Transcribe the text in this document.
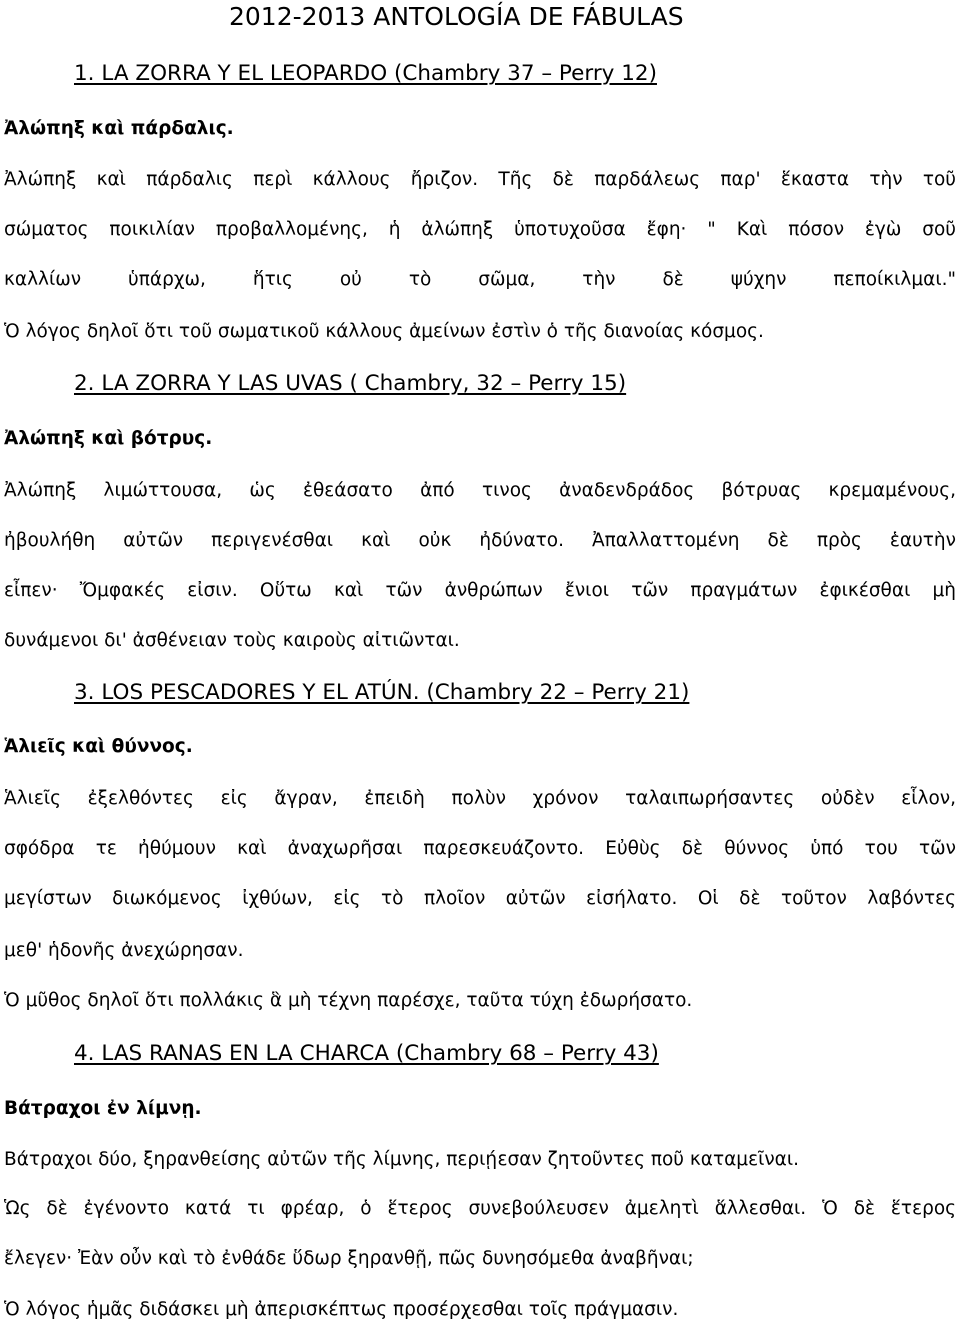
2012-2013 ANTOLOGÍA DE FÁBULAS
1. LA ZORRA Y EL LEOPARDO (Chambry 37 – Perry 12)
Ἀλώπηξ καὶ πάρδαλις.
Ἀλώπηξ καὶ πάρδαλις περὶ κάλλους ἤριζον. Τῆς δὲ παρδάλεως παρ' ἕκαστα τὴν τοῦ
σώματος ποικιλίαν προβαλλομένης, ἡ ἀλώπηξ ὑποτυχοῦσα ἔφη· " Καὶ πόσον ἐγὼ σοῦ
καλλίων ὑπάρχω, ἥτις οὐ τὸ σῶμα, τὴν δὲ ψύχην πεποίκιλμαι."
Ὁ λόγος δηλοῖ ὅτι τοῦ σωματικοῦ κάλλους ἀμείνων ἐστὶν ὁ τῆς διανοίας κόσμος.
2. LA ZORRA Y LAS UVAS ( Chambry, 32 – Perry 15)
Ἀλώπηξ καὶ βότρυς.
Ἀλώπηξ λιμώττουσα, ὡς ἐθεάσατο ἀπό τινος ἀναδενδράδος βότρυας κρεμαμένους,
ἠβουλήθη αὐτῶν περιγενέσθαι καὶ οὐκ ἠδύνατο. Ἀπαλλαττομένη δὲ πρὸς ἑαυτὴν
εἶπεν· Ὄμφακές εἰσιν. Οὕτω καὶ τῶν ἀνθρώπων ἔνιοι τῶν πραγμάτων ἐφικέσθαι μὴ
δυνάμενοι δι' ἀσθένειαν τοὺς καιροὺς αἰτιῶνται.
3. LOS PESCADORES Y EL ATÚN. (Chambry 22 – Perry 21)
Ἁλιεῖς καὶ θύννος.
Ἁλιεῖς ἐξελθόντες εἰς ἄγραν, ἐπειδὴ πολὺν χρόνον ταλαιπωρήσαντες οὐδὲν εἷλον,
σφόδρα τε ἠθύμουν καὶ ἀναχωρῆσαι παρεσκευάζοντο. Εὐθὺς δὲ θύννος ὑπό του τῶν
μεγίστων διωκόμενος ἰχθύων, εἰς τὸ πλοῖον αὐτῶν εἰσήλατο. Οἱ δὲ τοῦτον λαβόντες
μεθ' ἡδονῆς ἀνεχώρησαν.
Ὁ μῦθος δηλοῖ ὅτι πολλάκις ἃ μὴ τέχνη παρέσχε, ταῦτα τύχη ἐδωρήσατο.
4. LAS RANAS EN LA CHARCA (Chambry 68 – Perry 43)
Βάτραχοι ἐν λίμνῃ.
Βάτραχοι δύο, ξηρανθείσης αὐτῶν τῆς λίμνης, περιῄεσαν ζητοῦντες ποῦ καταμεῖναι.
Ὡς δὲ ἐγένοντο κατά τι φρέαρ, ὁ ἕτερος συνεβούλευσεν ἀμελητὶ ἅλλεσθαι. Ὁ δὲ ἕτερος
ἔλεγεν· Ἐὰν οὖν καὶ τὸ ἐνθάδε ὕδωρ ξηρανθῇ, πῶς δυνησόμεθα ἀναβῆναι;
Ὁ λόγος ἡμᾶς διδάσκει μὴ ἀπερισκέπτως προσέρχεσθαι τοῖς πράγμασιν.
